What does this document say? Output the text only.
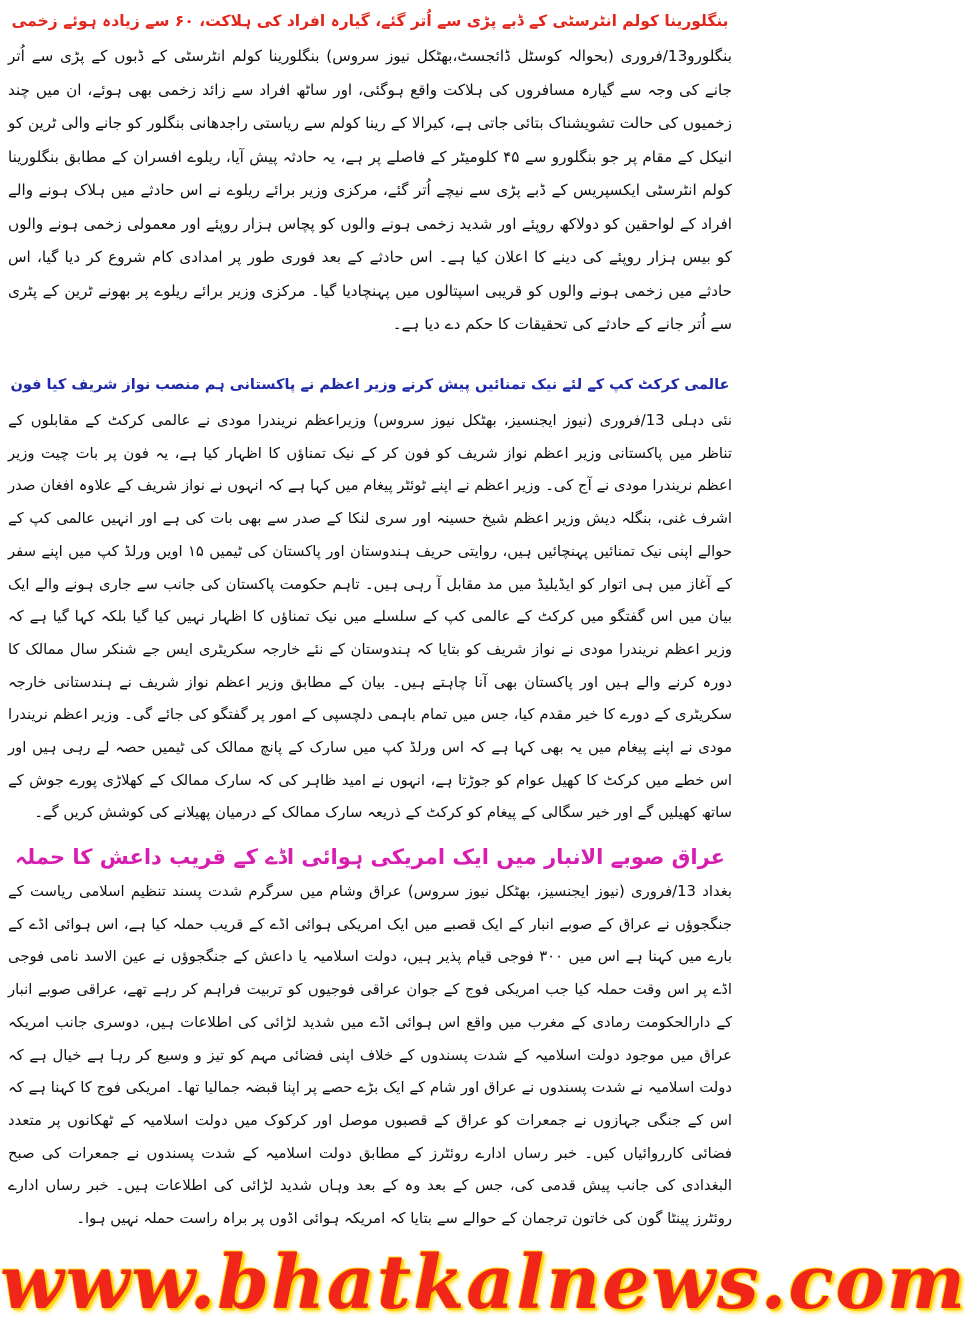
بنگلورینا کولم انٹرسٹی کے ڈبے پڑی سے اُتر گئے، گیارہ افراد کی ہلاکت، ۶۰ سے زیادہ ہوئے زخمی

بنگلورو13/فروری (بحوالہ کوسٹل ڈائجسٹ،بھٹکل نیوز سروس) بنگلورینا کولم انٹرسٹی کے ڈبوں کے پڑی سے اُتر جانے کی وجہ سے گیارہ مسافروں کی ہلاکت واقع ہوگئی، اور ساٹھ افراد سے زائد زخمی بھی ہوئے، ان میں چند زخمیوں کی حالت تشویشناک بتائی جاتی ہے، کیرالا کے رینا کولم سے ریاستی راجدھانی بنگلور کو جانے والی ٹرین کو انیکل کے مقام پر جو بنگلورو سے ۴۵ کلومیٹر کے فاصلے پر ہے، یہ حادثہ پیش آیا، ریلوے افسران کے مطابق بنگلورینا کولم انٹرسٹی ایکسپریس کے ڈبے پڑی سے نیچے اُتر گئے، مرکزی وزیر برائے ریلوے نے اس حادثے میں ہلاک ہونے والے افراد کے لواحقین کو دولاکھ روپئے اور شدید زخمی ہونے والوں کو پچاس ہزار روپئے اور معمولی زخمی ہونے والوں کو بیس ہزار روپئے کی دینے کا اعلان کیا ہے۔ اس حادثے کے بعد فوری طور پر امدادی کام شروع کر دیا گیا، اس حادثے میں زخمی ہونے والوں کو قریبی اسپتالوں میں پہنچادیا گیا۔ مرکزی وزیر برائے ریلوے پر بھونے ٹرین کے پٹری سے اُتر جانے کے حادثے کی تحقیقات کا حکم دے دیا ہے۔

عالمی کرکٹ کپ کے لئے نیک تمنائیں پیش کرنے وزیر اعظم نے پاکستانی ہم منصب نواز شریف کیا فون

نئی دہلی 13/فروری (نیوز ایجنسیز، بھٹکل نیوز سروس) وزیراعظم نریندرا مودی نے عالمی کرکٹ کے مقابلوں کے تناظر میں پاکستانی وزیر اعظم نواز شریف کو فون کر کے نیک تمناؤں کا اظہار کیا ہے، یہ فون پر بات چیت وزیر اعظم نریندرا مودی نے آج کی۔ وزیر اعظم نے اپنے ٹوئٹر پیغام میں کہا ہے کہ انہوں نے نواز شریف کے علاوہ افغان صدر اشرف غنی، بنگلہ دیش وزیر اعظم شیخ حسینہ اور سری لنکا کے صدر سے بھی بات کی ہے اور انہیں عالمی کپ کے حوالے اپنی نیک تمنائیں پہنچائیں ہیں، روایتی حریف ہندوستان اور پاکستان کی ٹیمیں ۱۵ اویں ورلڈ کپ میں اپنے سفر کے آغاز میں ہی اتوار کو ایڈیلیڈ میں مد مقابل آ رہی ہیں۔ تاہم حکومت پاکستان کی جانب سے جاری ہونے والے ایک بیان میں اس گفتگو میں کرکٹ کے عالمی کپ کے سلسلے میں نیک تمناؤں کا اظہار نہیں کیا گیا بلکہ کہا گیا ہے کہ وزیر اعظم نریندرا مودی نے نواز شریف کو بتایا کہ ہندوستان کے نئے خارجہ سکریٹری ایس جے شنکر سال ممالک کا دورہ کرنے والے ہیں اور پاکستان بھی آنا چاہتے ہیں۔ بیان کے مطابق وزیر اعظم نواز شریف نے ہندستانی خارجہ سکریٹری کے دورے کا خیر مقدم کیا، جس میں تمام باہمی دلچسپی کے امور پر گفتگو کی جائے گی۔ وزیر اعظم نریندرا مودی نے اپنے پیغام میں یہ بھی کہا ہے کہ اس ورلڈ کپ میں سارک کے پانچ ممالک کی ٹیمیں حصہ لے رہی ہیں اور اس خطے میں کرکٹ کا کھیل عوام کو جوڑتا ہے، انہوں نے امید ظاہر کی کہ سارک ممالک کے کھلاڑی پورے جوش کے ساتھ کھیلیں گے اور خیر سگالی کے پیغام کو کرکٹ کے ذریعہ سارک ممالک کے درمیان پھیلانے کی کوشش کریں گے۔

عراق صوبے الانبار میں ایک امریکی ہوائی اڈے کے قریب داعش کا حملہ

بغداد 13/فروری (نیوز ایجنسیز، بھٹکل نیوز سروس) عراق وشام میں سرگرم شدت پسند تنظیم اسلامی ریاست کے جنگجوؤں نے عراق کے صوبے انبار کے ایک قصبے میں ایک امریکی ہوائی اڈے کے قریب حملہ کیا ہے، اس ہوائی اڈے کے بارے میں کہنا ہے اس میں ۳۰۰ فوجی قیام پذیر ہیں، دولت اسلامیہ یا داعش کے جنگجوؤں نے عین الاسد نامی فوجی اڈے پر اس وقت حملہ کیا جب امریکی فوج کے جوان عراقی فوجیوں کو تربیت فراہم کر رہے تھے، عراقی صوبے انبار کے دارالحکومت رمادی کے مغرب میں واقع اس ہوائی اڈے میں شدید لڑائی کی اطلاعات ہیں، دوسری جانب امریکہ عراق میں موجود دولت اسلامیہ کے شدت پسندوں کے خلاف اپنی فضائی مہم کو تیز و وسیع کر رہا ہے خیال ہے کہ دولت اسلامیہ نے شدت پسندوں نے عراق اور شام کے ایک بڑے حصے پر اپنا قبضہ جمالیا تھا۔ امریکی فوج کا کہنا ہے کہ اس کے جنگی جہازوں نے جمعرات کو عراق کے قصبوں موصل اور کرکوک میں دولت اسلامیہ کے ٹھکانوں پر متعدد فضائی کارروائیاں کیں۔ خبر رساں ادارے روئٹرز کے مطابق دولت اسلامیہ کے شدت پسندوں نے جمعرات کی صبح البغدادی کی جانب پیش قدمی کی، جس کے بعد وہ کے بعد وہاں شدید لڑائی کی اطلاعات ہیں۔ خبر رساں ادارے روئٹرز پینٹا گون کی خاتون ترجمان کے حوالے سے بتایا کہ امریکہ ہوائی اڈوں پر براہ راست حملہ نہیں ہوا۔

www.bhatkalnews.com
